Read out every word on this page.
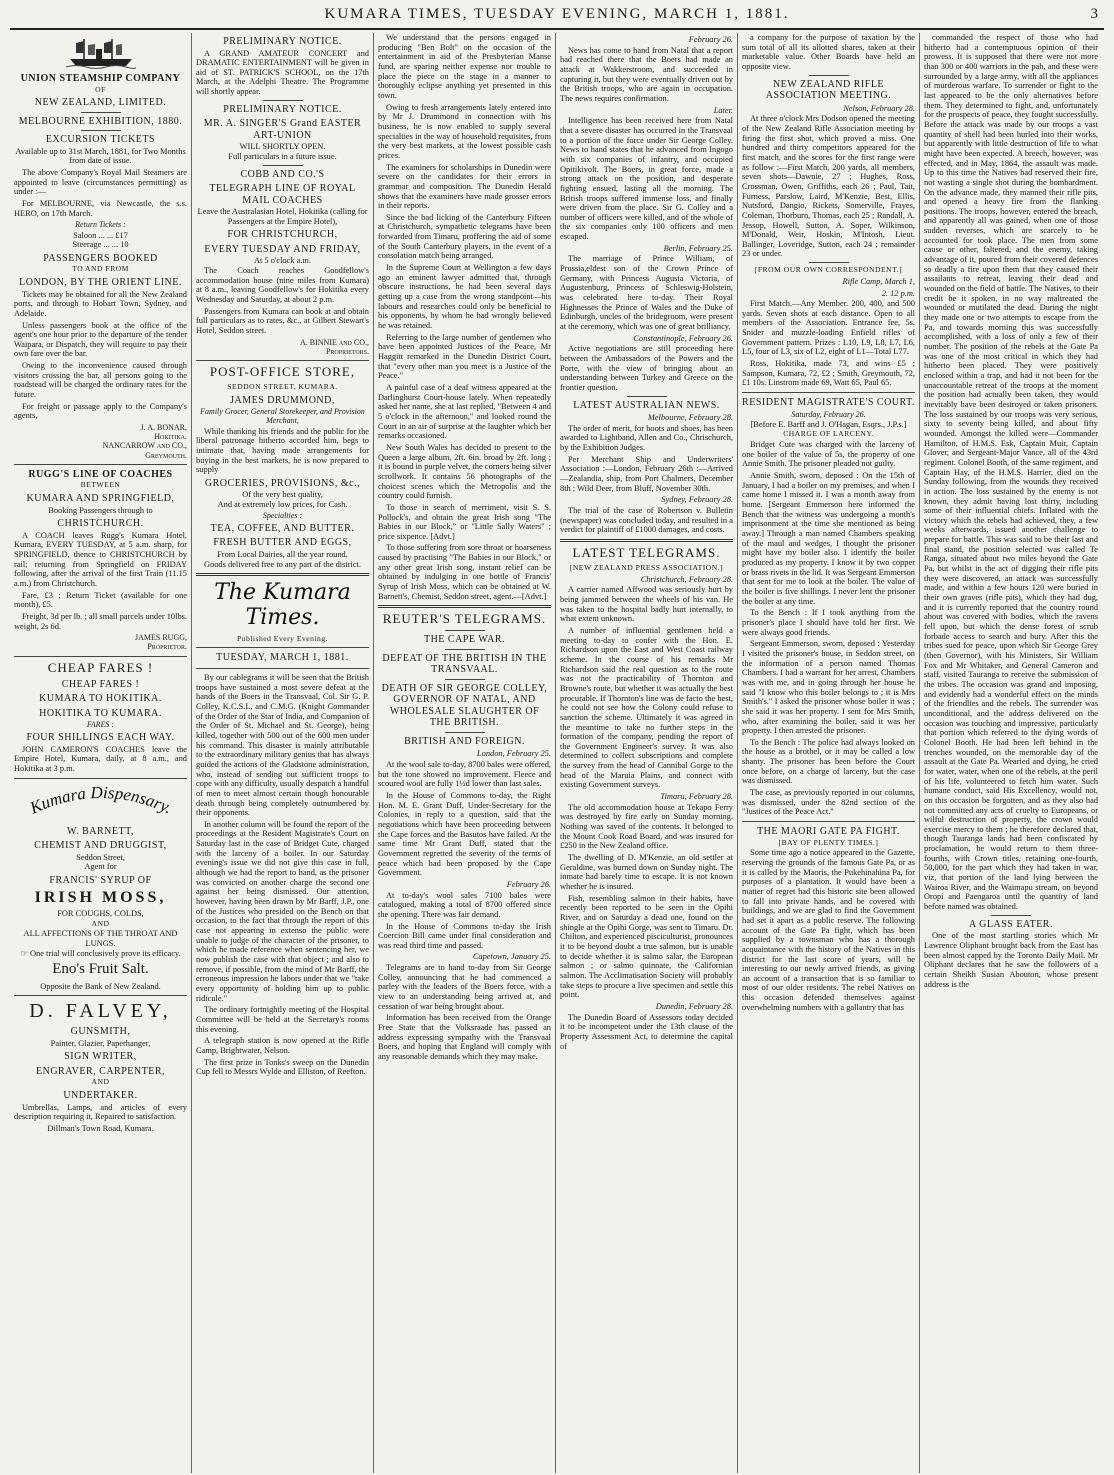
KUMARA TIMES, TUESDAY EVENING, MARCH 1, 1881.	3
UNION STEAMSHIP COMPANY
OF
NEW ZEALAND, LIMITED.
MELBOURNE EXHIBITION, 1880.
EXCURSION TICKETS

Available up to 31st March, 1881, for Two Months from date of issue.

The above Company's Royal Mail Steamers are appointed to leave (circumstances permitting) as under :—

For MELBOURNE, via Newcastle, the s.s. HERO, on 17th March.

Return Tickets :
Saloon ... ... £17
Steerage ... ... 10
PASSENGERS BOOKED
TO AND FROM
LONDON, BY THE ORIENT LINE.

Tickets may be obtained for all the New Zealand ports, and through to Hobart Town, Sydney, and Adelaide.

Unless passengers book at the office of the agent's one hour prior to the departure of the tender Waipara, or Dispatch, they will require to pay their own fare over the bar.

Owing to the inconvenience caused through visitors crossing the bar, all persons going to the roadstead will be charged the ordinary rates for the future.

For freight or passage apply to the Company's agents,

J. A. BONAR,
Hokitika.
NANCARROW and CO.,
Greymouth.
RUGG'S LINE OF COACHES
BETWEEN
KUMARA AND SPRINGFIELD,
Booking Passengers through to
CHRISTCHURCH.

A COACH leaves Rugg's Kumara Hotel, Kumara, EVERY TUESDAY, at 5 a.m. sharp, for SPRINGFIELD, thence to CHRISTCHURCH by rail; returning from Springfield on FRIDAY following, after the arrival of the first Train (11.15 a.m.) from Christchurch.

Fare, £3 ; Return Ticket (available for one month), £5.

Freight, 3d per lb. ; all small parcels under 10lbs. weight, 2s 6d.

JAMES RUGG,
Proprietor.
CHEAP FARES !
CHEAP FARES !
KUMARA TO HOKITIKA.
HOKITIKA TO KUMARA.
FARES :
FOUR SHILLINGS EACH WAY.

JOHN CAMERON'S COACHES leave the Empire Hotel, Kumara, daily, at 8 a.m., and Hokitika at 3 p.m.

Kumara Dispensary.
W. BARNETT,
CHEMIST AND DRUGGIST,
Seddon Street,
Agent for
FRANCIS' SYRUP OF
IRISH MOSS,
FOR COUGHS, COLDS,
AND
ALL AFFECTIONS OF THE THROAT AND LUNGS.

☞ One trial will conclusively prove its efficacy.

Eno's Fruit Salt.

Opposite the Bank of New Zealand.

D. FALVEY,
GUNSMITH,
Painter, Glazier, Paperhanger,
SIGN WRITER,
ENGRAVER, CARPENTER,
AND
UNDERTAKER.

Umbrellas, Lamps, and articles of every description requiring it, Repaired to satisfaction.

Dillman's Town Road, Kumara.

PRELIMINARY NOTICE.

A GRAND AMATEUR CONCERT and DRAMATIC ENTERTAINMENT will be given in aid of ST. PATRICK'S SCHOOL, on the 17th March, at the Adelphi Theatre. The Programme will shortly appear.

PRELIMINARY NOTICE.
MR. A. SINGER'S Grand EASTER ART-UNION
WILL SHORTLY OPEN.
Full particulars in a future issue.
COBB AND CO.'S
TELEGRAPH LINE OF ROYAL MAIL COACHES

Leave the Australasian Hotel, Hokitika (calling for Passengers at the Empire Hotel),

FOR CHRISTCHURCH,
EVERY TUESDAY AND FRIDAY,
At 5 o'clock a.m.

The Coach reaches Goodfellow's accommodation house (nine miles from Kumara) at 8 a.m., leaving Goodfellow's for Hokitika every Wednesday and Saturday, at about 2 p.m.

Passengers from Kumara can book at and obtain full particulars as to rates, &c., at Gilbert Stewart's Hotel, Seddon street.

A. BINNIE and CO.,
Proprietors.
POST-OFFICE STORE,
SEDDON STREET, KUMARA.
JAMES DRUMMOND,
Family Grocer, General Storekeeper, and Provision Merchant,

While thanking his friends and the public for the liberal patronage hitherto accorded him, begs to intimate that, having made arrangements for buying in the best markets, he is now prepared to supply

GROCERIES, PROVISIONS, &c.,
Of the very best quality,
And at extremely low prices, for Cash.
Specialties :
TEA, COFFEE, AND BUTTER.
FRESH BUTTER AND EGGS,
From Local Dairies, all the year round.

Goods delivered free to any part of the district.

The Kumara Times.
Published Every Evening.
TUESDAY, MARCH 1, 1881.

By our cablegrams it will be seen that the British troops have sustained a most severe defeat at the hands of the Boers in the Transvaal, Col. Sir G. P. Colley, K.C.S.I., and C.M.G. (Knight Commander of the Order of the Star of India, and Companion of the Order of St. Michael and St. George), being killed, together with 500 out of the 600 men under his command. This disaster is mainly attributable to the extraordinary military genius that has always guided the actions of the Gladstone administration, who, instead of sending out sufficient troops to cope with any difficulty, usually despatch a handful of men to meet almost certain though honourable death through being completely outnumbered by their opponents.

In another column will be found the report of the proceedings at the Resident Magistrate's Court on Saturday last in the case of Bridget Cute, charged with the larceny of a boiler. In our Saturday evening's issue we did not give this case in full, although we had the report to hand, as the prisoner was convicted on another charge the second one against her being dismissed. Our attention, however, having been drawn by Mr Barff, J.P., one of the Justices who presided on the Bench on that occasion, to the fact that through the report of this case not appearing in extenso the public were unable to judge of the character of the prisoner, to which he made reference when sentencing her, we now publish the case with that object ; and also to remove, if possible, from the mind of Mr Barff, the erroneous impression he labors under that we "take every opportunity of holding him up to public ridicule."

The ordinary fortnightly meeting of the Hospital Committee will be held at the Secretary's rooms this evening.

A telegraph station is now opened at the Rifle Camp, Brightwater, Nelson.

The first prize in Tonks's sweep on the Dunedin Cup fell to Messrs Wylde and Elliston, of Reefton.

We understand that the persons engaged in producing "Ben Bolt" on the occasion of the entertainment in aid of the Presbyterian Manse fund, are sparing neither expense nor trouble to place the piece on the stage in a manner to thoroughly eclipse anything yet presented in this town.

Owing to fresh arrangements lately entered into by Mr J. Drummond in connection with his business, he is now enabled to supply several specialties in the way of household requisites, from the very best markets, at the lowest possible cash prices.

The examiners for scholarships in Dunedin were severe on the candidates for their errors in grammar and composition. The Dunedin Herald shows that the examiners have made grosser errors in their reports.

Since the bad licking of the Canterbury Fifteen at Christchurch, sympathetic telegrams have been forwarded from Timaru, proffering the aid of some of the South Canterbury players, in the event of a consolation match being arranged.

In the Supreme Court at Wellington a few days ago an eminent lawyer admitted that, through obscure instructions, he had been several days getting up a case from the wrong standpoint—his labours and researches could only be beneficial to his opponents, by whom he had wrongly believed he was retained.

Referring to the large number of gentlemen who have been appointed Justices of the Peace, Mr Haggitt remarked in the Dunedin District Court, that "every other man you meet is a Justice of the Peace."

A painful case of a deaf witness appeared at the Darlinghurst Court-house lately. When repeatedly asked her name, she at last replied, "Between 4 and 5 o'clock in the afternoon," and looked round the Court in an air of surprise at the laughter which her remarks occasioned.

New South Wales has decided to present to the Queen a large album, 2ft. 6in. broad by 2ft. long ; it is bound in purple velvet, the corners being silver scrollwork. It contains 56 photographs of the choicest scenes which the Metropolis and the country could furnish.

To those in search of merriment, visit S. S. Pollock's, and obtain the great Irish song "The Babies in our Block," or "Little Sally Waters" ; price sixpence. [Advt.]

To those suffering from sore throat or hoarseness caused by practising "The Babies in our Block," or any other great Irish song, instant relief can be obtained by indulging in one bottle of Francis' Syrup of Irish Moss, which can be obtained at W. Barnett's, Chemist, Seddon street, agent.—[Advt.]

REUTER'S TELEGRAMS.
THE CAPE WAR.
DEFEAT OF THE BRITISH IN THE TRANSVAAL.
DEATH OF SIR GEORGE COLLEY, GOVERNOR OF NATAL, AND WHOLESALE SLAUGHTER OF THE BRITISH.
BRITISH AND FOREIGN.
London, February 25.

At the wool sale to-day, 8700 bales were offered, but the tone showed no improvement. Fleece and scoured wool are fully 1½d lower than last sales.

In the House of Commons to-day, the Right Hon. M. E. Grant Duff, Under-Secretary for the Colonies, in reply to a question, said that the negotiations which have been proceeding between the Cape forces and the Basutos have failed. At the same time Mr Grant Duff, stated that the Government regretted the severity of the terms of peace which had been proposed by the Cape Government.

February 26.

At to-day's wool sales 7100 bales were catalogued, making a total of 8700 offered since the opening. There was fair demand.

In the House of Commons to-day the Irish Coercion Bill came under final consideration and was read third time and passed.

Capetown, January 25.

Telegrams are to hand to-day from Sir George Colley, announcing that he had commenced a parley with the leaders of the Boers force, with a view to an understanding being arrived at, and cessation of war being brought about.

Information has been received from the Orange Free State that the Volksraade has passed an address expressing sympathy with the Transvaal Boers, and hoping that England will comply with any reasonable demands which they may make.

February 26.

News has come to hand from Natal that a report had reached there that the Boers had made an attack at Wakkerstroom, and succeeded in capturing it, but they were eventually driven out by the British troops, who are again in occupation. The news requires confirmation.

Later.

Intelligence has been received here from Natal that a severe disaster has occurred in the Transvaal to a portion of the force under Sir George Colley. News to hand states that he advanced from Ingogo with six companies of infantry, and occupied Opitikivolt. The Boers, in great force, made a strong attack on the position, and desperate fighting ensued, lasting all the morning. The British troops suffered immense loss, and finally were driven from the place. Sir G. Colley and a number of officers were killed, and of the whole of the six companies only 100 officers and men escaped.

Berlin, February 25.

The marriage of Prince William, of Prussia,eldest son of the Crown Prince of Germany, with Princess Augusta Victoria, of Augustenburg, Princess of Schleswig-Holstein, was celebrated here to-day. Their Royal Highnesses the Prince of Wales and the Duke of Edinburgh, uncles of the bridegroom, were present at the ceremony, which was one of great brilliancy.

Constantinople, February 26.

Active negotiations are still proceeding here between the Ambassadors of the Powers and the Porte, with the view of bringing about an understanding between Turkey and Greece on the frontier question.

LATEST AUSTRALIAN NEWS.
Melbourne, February 28.

The order of merit, for boots and shoes, has been awarded to Lightband, Allen and Co., Chrischurch, by the Exhibition Judges.

Per Merchant Ship and Underwriters' Association :—London, February 26th :—Arrived—Zealandia, ship, from Port Chalmers, December 8th ; Wild Deer, from Bluff, November 30th.

Sydney, February 28.

The trial of the case of Robertson v. Bulletin (newspaper) was concluded today, and resulted in a verdict for plaintiff of £1000 damages, and costs.

LATEST TELEGRAMS.
[NEW ZEALAND PRESS ASSOCIATION.]
Christchurch, February 28.

A carrier named Affwood was seriously hurt by being jammed between the wheels of his van. He was taken to the hospital badly hurt internally, to what extent unknown.

A number of influential gentlemen held a meeting to-day to confer with the Hon. E. Richardson upon the East and West Coast railway scheme. In the course of his remarks Mr Richardson said the real question as to the route was not the practicability of Thornton and Browne's route, but whether it was actually the best procurable. If Thornton's line was de facto the best, he could not see how the Colony could refuse to sanction the scheme. Ultimately it was agreed in the meantime to take no further steps in the formation of the company, pending the report of the Government Engineer's survey. It was also determined to collect subscriptions and complete the survey from the head of Cannibal Gorge to the head of the Maruia Plains, and connect with existing Government surveys.

Timaru, February 28.

The old accommodation house at Tekapo Ferry was destroyed by fire early on Sunday morning. Nothing was saved of the contents. It belonged to the Mount Cook Road Board, and was insured for £250 in the New Zealand office.

The dwelling of D. M'Kenzie, an old settler at Geraldine, was burned down on Sunday night. The inmate had barely time to escape. It is not known whether he is insured.

Fish, resembling salmon in their habits, have recently been reported to be seen in the Opihi River, and on Saturday a dead one, found on the shingle at the Opihi Gorge, was sent to Timaru. Dr. Chilton, and experienced pisciculturist, pronounces it to be beyond doubt a true salmon, but is unable to decide whether it is salmo salar, the European salmon ; or salmo quinnate, the Californian salmon. The Acclimatisation Society will probably take steps to procure a live specimen and settle this point.

Dunedin, February 28.

The Dunedin Board of Assessors today decided it to be incompetent under the 13th clause of the Property Assessment Act, to determine the capital of

a company for the purpose of taxation by the sum total of all its allotted shares, taken at their marketable value. Other Boards have held an opposite view.

NEW ZEALAND RIFLE ASSOCIATION MEETING.
Nelson, February 28.

At three o'clock Mrs Dodson opened the meeting of the New Zealand Rifle Association meeting by firing the first shot, which proved a miss. One hundred and thirty competitors appeared for the first match, and the scores for the first range were as follow :—First Match, 200 yards, all members, seven shots—Dawnie, 27 ; Hughes, Ross, Crossman, Owen, Griffiths, each 26 ; Paul, Tait, Furness, Parslow, Laird, M'Kenzie, Best, Ellis, Nutsford, Dangio, Rickets, Somerville, Frayes, Coleman, Thorburn, Thomas, each 25 ; Randall, A. Jessop, Howell, Sutton, A. Soper, Wilkinson, M'Donald, Weir, Hoskin, M'Intosh, Lieut. Ballinger, Loveridge, Sutton, each 24 ; remainder 23 or under.

[FROM OUR OWN CORRESPONDENT.]
Rifle Camp, March 1,
2. 12 p.m.

First Match.—Any Member. 200, 400, and 500 yards. Seven shots at each distance. Open to all members of the Association. Entrance fee, 5s. Snider and muzzle-loading Enfield rifles of Government pattern. Prizes : L10, L9, L8, L7, L6, L5, four of L3, six of L2, eight of L1—Total L77.

Ross, Hokitika, made 73, and wins £5 ; Sampson, Kumara, 72, £2 ; Smith, Greymouth, 72, £1 10s. Linstrom made 69, Watt 65, Paul 65.

RESIDENT MAGISTRATE'S COURT.
Saturday, February 26.
[Before E. Barff and J. O'Hagan, Esqrs., J.P.s.]
CHARGE OF LARCENY.

Bridget Cute was charged with the larceny of one boiler of the value of 5s, the property of one Annie Smith. The prisoner pleaded not guilty.

Annie Smith, sworn, deposed : On the 15th of January, I had a boiler on my premises, and when I came home I missed it. I was a month away from home. [Sergeant Emmerson here informed the Bench that the witness was undergoing a month's imprisonment at the time she mentioned as being away.] Through a man named Chambers speaking of the maul and wedges, I thought the prisoner might have my boiler also. I identify the boiler produced as my property. I know it by two copper or brass rivets in the lid. It was Sergeant Emmerson that sent for me to look at the boiler. The value of the boiler is five shillings. I never lent the prisoner the boiler at any time.

To the Bench : If I took anything from the prisoner's place I should have told her first. We were always good friends.

Sergeant Emmerson, sworn, deposed : Yesterday I visited the prisoner's house, in Seddon street, on the information of a person named Thomas Chambers. I had a warrant for her arrest, Chambers was with me, and in going through her house he said "I know who this boiler belongs to ; it is Mrs Smith's." I asked the prisoner whose boiler it was ; she said it was her property. I sent for Mrs Smith, who, after examining the boiler, said it was her property. I then arrested the prisoner.

To the Bench : The police had always looked on the house as a brothel, or it may be called a low shanty. The prisoner has been before the Court once before, on a charge of larceny, but the case was dismissed.

The case, as previously reported in our columns, was dismissed, under the 82nd section of the "Justices of the Peace Act."

THE MAORI GATE PA FIGHT.
[BAY OF PLENTY TIMES.]

Some time ago a notice appeared in the Gazette, reserving the grounds of the famous Gate Pa, or as it is called by the Maoris, the Pukehinahina Pa, for purposes of a plantation. It would have been a matter of regret had this historic site been allowed to fall into private hands, and be covered with buildings, and we are glad to find the Government had set it apart as a public reserve. The following account of the Gate Pa fight, which has been supplied by a townsman who has a thorough acquaintance with the history of the Natives in this district for the last score of years, will be interesting to our newly arrived friends, as giving an account of a transaction that is so familiar to most of our older residents. The rebel Natives on this occasion defended themselves against overwhelming numbers with a gallantry that has

commanded the respect of those who had hitherto had a contemptuous opinion of their prowess. It is supposed that there were not more than 300 or 400 warriors in the pah, and these were surrounded by a large army, with all the appliances of murderous warfare. To surrender or fight to the last appeared to be the only alternatives before them. They determined to fight, and, unfortunately for the prospects of peace, they fought successfully. Before the attack was made by our troops a vast quantity of shell had been hurled into their works, but apparently with little destruction of life to what might have been expected. A breech, however, was effected, and in May, 1864, the assault was made. Up to this time the Natives had reserved their fire, not wasting a single shot during the bombardment. On the advance made, they manned their rifle pits, and opened a heavy fire from the flanking positions. The troops, however, entered the breach, and apparently all was gained, when one of those sudden reverses, which are scarcely to be accounted for took place. The men from some cause or other, faltered, and the enemy, taking advantage of it, poured from their covered defences so deadly a fire upon them that they caused their assailants to retreat, leaving their dead and wounded on the field of battle. The Natives, to their credit be it spoken, in no way maltreated the wounded or mutilated the dead. During the night they made one or two attempts to escape from the Pa, and towards morning this was successfully accomplished, with a loss of only a few of their number. The position of the rebels at the Gate Pa was one of the most critical in which they had hitherto been placed. They were positively enclosed within a trap, and had it not been for the unaccountable retreat of the troops at the moment the position had actually been taken, they would inevitably have been destroyed or taken prisoners. The loss sustained by our troops was very serious, sixty to seventy being killed, and about fifty wounded. Amongst the killed were—Commander Hamilton, of H.M.S. Esk, Captain Muir, Captain Glover, and Sergeant-Major Vance, all of the 43rd regiment. Colonel Booth, of the same regiment, and Captain Hay, of the H.M.S. Harrier, died on the Sunday following, from the wounds they received in action. The loss sustained by the enemy is not known, they admit having lost thirty, including some of their influential chiefs. Inflated with the victory which the rebels had achieved, they, a few weeks afterwards, issued another challenge to prepare for battle. This was said to be their last and final stand, the position selected was called Te Ranga, situated about two miles beyond the Gate Pa, but whilst in the act of digging their rifle pits they were discovered, an attack was successfully made, and within a few hours 120 were buried in their own graves (rifle pits), which they had dug, and it is currently reported that the country round about was covered with bodies, which the ravens fell upon, but which the dense forest of scrub forbade access to search and bury. After this the tribes sued for peace, upon which Sir George Grey (then Governor), with his Ministers, Sir William Fox and Mr Whitaker, and General Cameron and staff, visited Tauranga to receive the submission of the tribes. The occasion was grand and imposing, and evidently had a wonderful effect on the minds of the friendlies and the rebels. The surrender was unconditional, and the address delivered on the occasion was touching and impressive, particularly that portion which referred to the dying words of Colonel Booth. He had been left behind in the trenches wounded, on the memorable day of the assault at the Gate Pa. Wearied and dying, he cried for water, water, when one of the rebels, at the peril of his life, volunteered to fetch him water. Such humane conduct, said His Excellency, would not, on this occasion be forgotten, and as they also had not committed any acts of cruelty to Europeans, or wilful destruction of property, the crown would exercise mercy to them ; he therefore declared that, though Tauranga lands had been confiscated by proclamation, he would return to them three-fourths, with Crown titles, retaining one-fourth, 50,000, for the part which they had taken in war, viz, that portion of the land lying between the Wairoa River, and the Waimapu stream, on beyond Oropi and Paengaroa until the quantity of land before named was obtained.

A GLASS EATER.

One of the most startling stories which Mr Lawrence Oliphant brought back from the East has been almost capped by the Toronto Daily Mail. Mr Oliphant declares that he saw the followers of a certain Sheikh Susian Abouton, whose present address is the
